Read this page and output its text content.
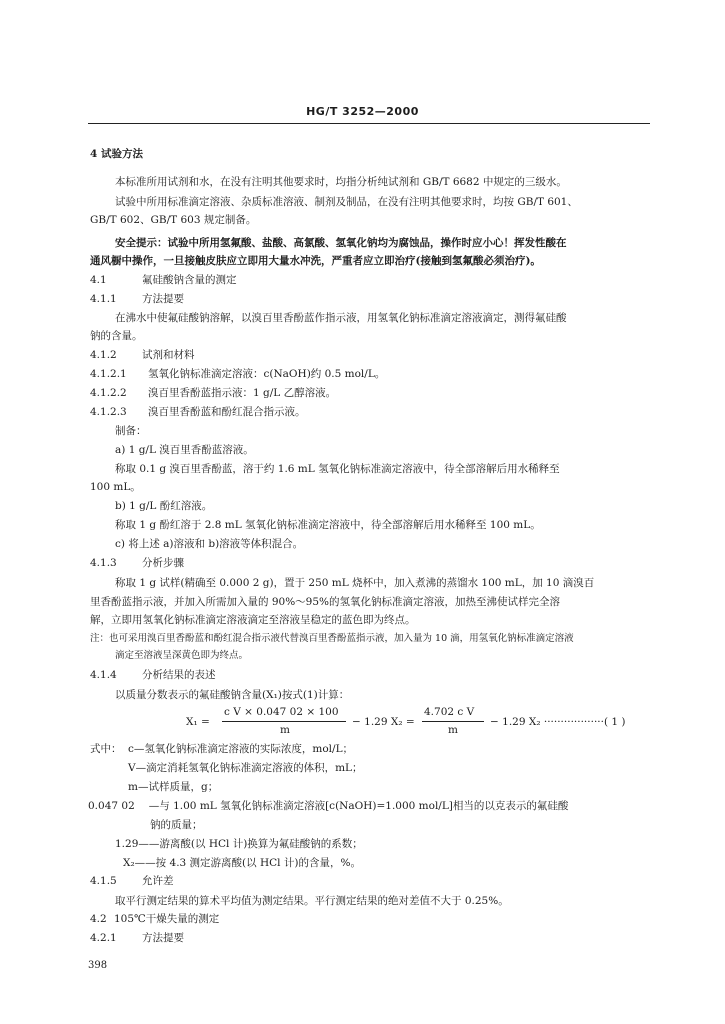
HG/T 3252—2000
4 试验方法
本标准所用试剂和水，在没有注明其他要求时，均指分析纯试剂和 GB/T 6682 中规定的三级水。
试验中所用标准滴定溶液、杂质标准溶液、制剂及制品，在没有注明其他要求时，均按 GB/T 601、
GB/T 602、GB/T 603 规定制备。
安全提示：试验中所用氢氟酸、盐酸、高氯酸、氢氧化钠均为腐蚀品，操作时应小心！挥发性酸在
通风橱中操作，一旦接触皮肤应立即用大量水冲洗，严重者应立即治疗(接触到氢氟酸必须治疗)。
4.1	氟硅酸钠含量的测定
4.1.1 方法提要
在沸水中使氟硅酸钠溶解，以溴百里香酚蓝作指示液，用氢氧化钠标准滴定溶液滴定，测得氟硅酸
钠的含量。
4.1.2 试剂和材料
4.1.2.1 氢氧化钠标准滴定溶液：c(NaOH)约 0.5 mol/L。
4.1.2.2 溴百里香酚蓝指示液：1 g/L 乙醇溶液。
4.1.2.3 溴百里香酚蓝和酚红混合指示液。
制备：
a) 1 g/L 溴百里香酚蓝溶液。
称取 0.1 g 溴百里香酚蓝，溶于约 1.6 mL 氢氧化钠标准滴定溶液中，待全部溶解后用水稀释至
100 mL。
b) 1 g/L 酚红溶液。
称取 1 g 酚红溶于 2.8 mL 氢氧化钠标准滴定溶液中，待全部溶解后用水稀释至 100 mL。
c) 将上述 a)溶液和 b)溶液等体积混合。
4.1.3 分析步骤
称取 1 g 试样(精确至 0.000 2 g)，置于 250 mL 烧杯中，加入煮沸的蒸馏水 100 mL，加 10 滴溴百
里香酚蓝指示液，并加入所需加入量的 90%～95%的氢氧化钠标准滴定溶液，加热至沸使试样完全溶
解，立即用氢氧化钠标准滴定溶液滴定至溶液呈稳定的蓝色即为终点。
注：也可采用溴百里香酚蓝和酚红混合指示液代替溴百里香酚蓝指示液，加入量为 10 滴，用氢氧化钠标准滴定溶液
滴定至溶液呈深黄色即为终点。
4.1.4 分析结果的表述
以质量分数表示的氟硅酸钠含量(X₁)按式(1)计算：
X₁ =
c V × 0.047 02 × 100
m
− 1.29 X₂ =
4.702 c V
m
− 1.29 X₂ ··················( 1 )
式中： c—氢氧化钠标准滴定溶液的实际浓度，mol/L；
V—滴定消耗氢氧化钠标准滴定溶液的体积，mL；
m—试样质量，g；
0.047 02 —与 1.00 mL 氢氧化钠标准滴定溶液[c(NaOH)=1.000 mol/L]相当的以克表示的氟硅酸
钠的质量；
1.29——游离酸(以 HCl 计)换算为氟硅酸钠的系数；
X₂——按 4.3 测定游离酸(以 HCl 计)的含量，%。
4.1.5 允许差
取平行测定结果的算术平均值为测定结果。平行测定结果的绝对差值不大于 0.25%。
4.2 105℃干燥失量的测定
4.2.1 方法提要
398
